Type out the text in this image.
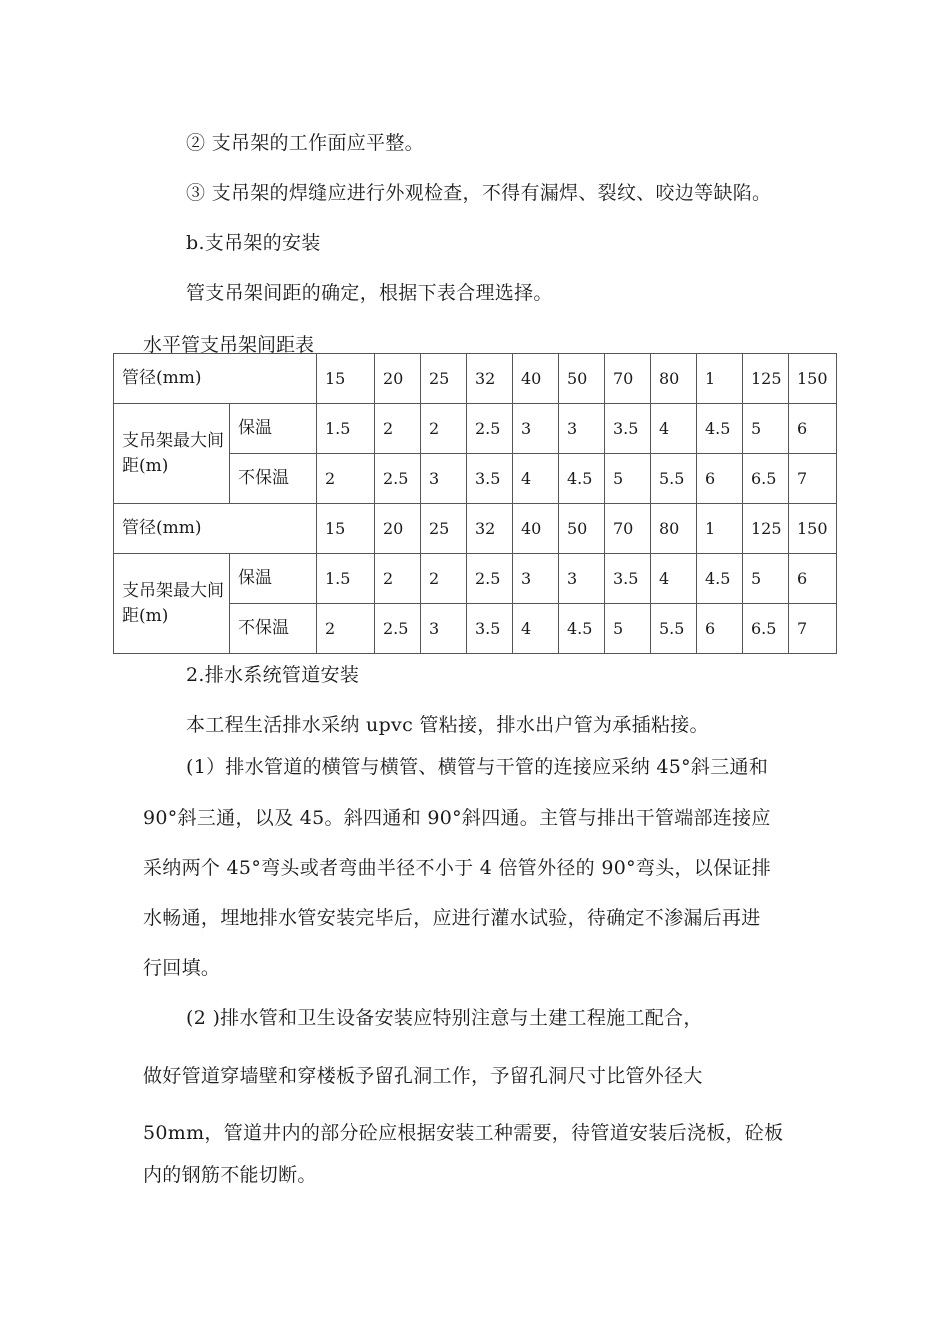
② 支吊架的工作面应平整。
③ 支吊架的焊缝应进行外观检查，不得有漏焊、裂纹、咬边等缺陷。
b.支吊架的安装
管支吊架间距的确定，根据下表合理选择。
水平管支吊架间距表
管径(mm)		15	20	25	32	40	50	70	80	1	125	150
支吊架最大间距(m)	保温	1.5	2	2	2.5	3	3	3.5	4	4.5	5	6
	不保温	2	2.5	3	3.5	4	4.5	5	5.5	6	6.5	7
管径(mm)		15	20	25	32	40	50	70	80	1	125	150
支吊架最大间距(m)	保温	1.5	2	2	2.5	3	3	3.5	4	4.5	5	6
	不保温	2	2.5	3	3.5	4	4.5	5	5.5	6	6.5	7
2.排水系统管道安装
本工程生活排水采纳 upvc 管粘接，排水出户管为承插粘接。
(1）排水管道的横管与横管、横管与干管的连接应采纳 45°斜三通和
90°斜三通，以及 45。斜四通和 90°斜四通。主管与排出干管端部连接应
采纳两个 45°弯头或者弯曲半径不小于 4 倍管外径的 90°弯头，以保证排
水畅通，埋地排水管安装完毕后，应进行灌水试验，待确定不渗漏后再进
行回填。
(2 )排水管和卫生设备安装应特别注意与土建工程施工配合，
做好管道穿墙壁和穿楼板予留孔洞工作，予留孔洞尺寸比管外径大
50mm，管道井内的部分砼应根据安装工种需要，待管道安装后浇板，砼板
内的钢筋不能切断。
